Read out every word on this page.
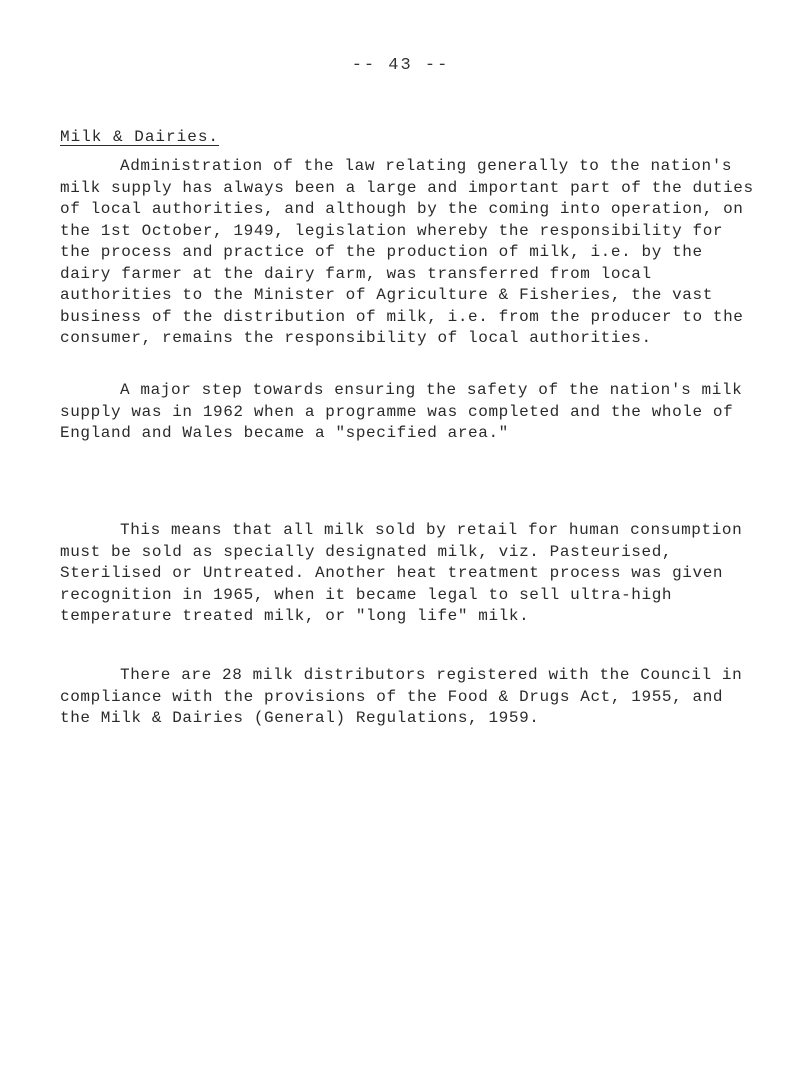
-- 43 --
Milk & Dairies.

Administration of the law relating generally to the nation's milk supply has always been a large and important part of the duties of local authorities, and although by the coming into operation, on the 1st October, 1949, legislation whereby the responsibility for the process and practice of the production of milk, i.e. by the dairy farmer at the dairy farm, was transferred from local authorities to the Minister of Agriculture & Fisheries, the vast business of the distribution of milk, i.e. from the producer to the consumer, remains the responsibility of local authorities.

A major step towards ensuring the safety of the nation's milk supply was in 1962 when a programme was completed and the whole of England and Wales became a "specified area."

This means that all milk sold by retail for human consumption must be sold as specially designated milk, viz. Pasteurised, Sterilised or Untreated. Another heat treatment process was given recognition in 1965, when it became legal to sell ultra-high temperature treated milk, or "long life" milk.

There are 28 milk distributors registered with the Council in compliance with the provisions of the Food & Drugs Act, 1955, and the Milk & Dairies (General) Regulations, 1959.
